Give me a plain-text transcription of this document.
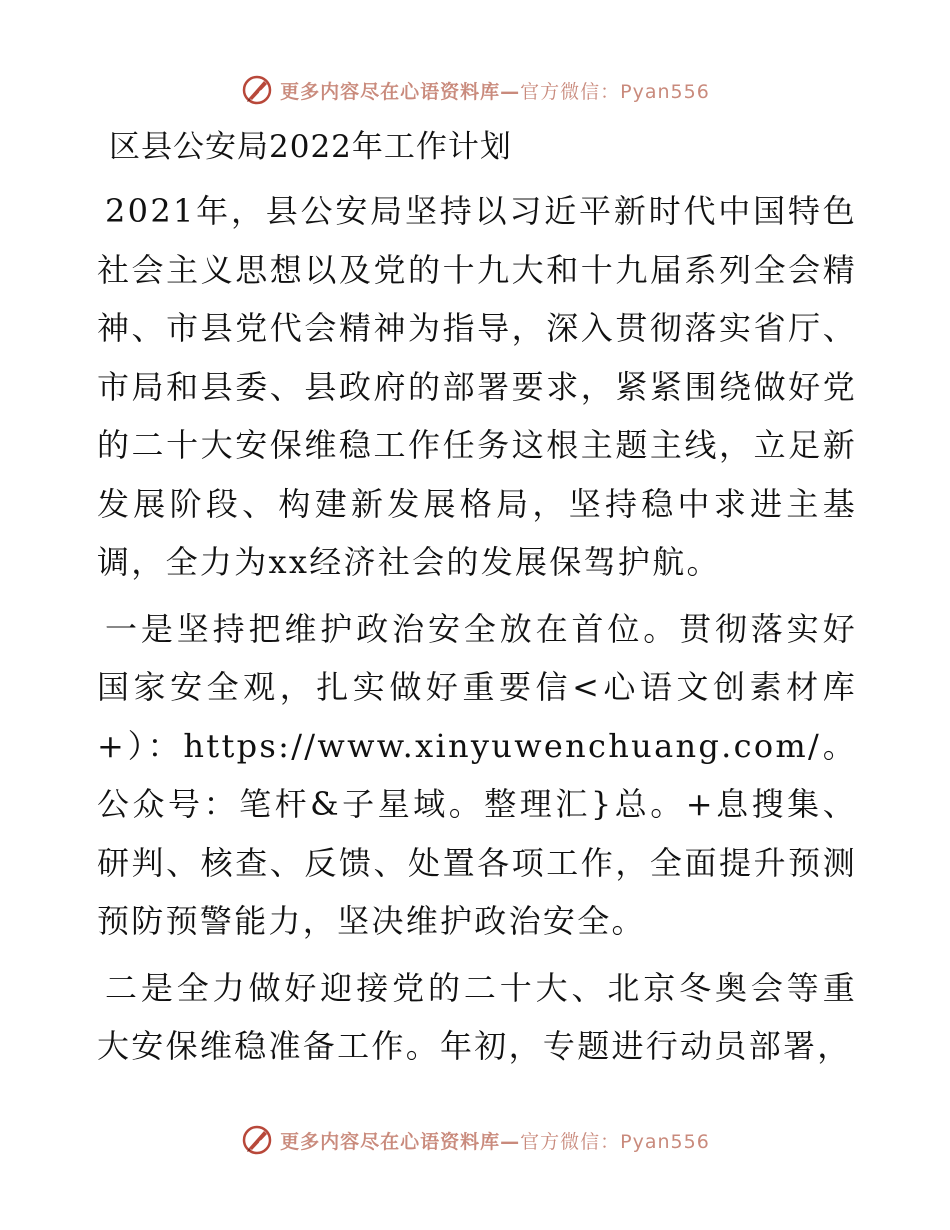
更多内容尽在心语资料库—官方微信：Pyan556
区县公安局2022年工作计划

2021年，县公安局坚持以习近平新时代中国特色社会主义思想以及党的十九大和十九届系列全会精神、市县党代会精神为指导，深入贯彻落实省厅、市局和县委、县政府的部署要求，紧紧围绕做好党的二十大安保维稳工作任务这根主题主线，立足新发展阶段、构建新发展格局，坚持稳中求进主基调，全力为xx经济社会的发展保驾护航。

一是坚持把维护政治安全放在首位。贯彻落实好国家安全观，扎实做好重要信<心语文创素材库+）：https://www.xinyuwenchuang.com/。公众号：笔杆&子星域。整理汇}总。+息搜集、研判、核查、反馈、处置各项工作，全面提升预测预防预警能力，坚决维护政治安全。

二是全力做好迎接党的二十大、北京冬奥会等重大安保维稳准备工作。年初，专题进行动员部署，

更多内容尽在心语资料库—官方微信：Pyan556
